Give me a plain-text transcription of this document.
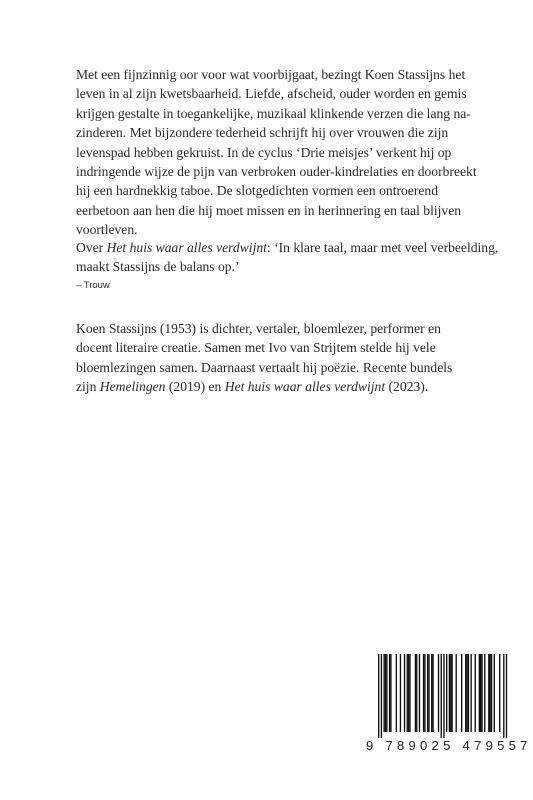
Met een fijnzinnig oor voor wat voorbijgaat, bezingt Koen Stassijns het
leven in al zijn kwetsbaarheid. Liefde, afscheid, ouder worden en gemis
krijgen gestalte in toegankelijke, muzikaal klinkende verzen die lang na-
zinderen. Met bijzondere tederheid schrijft hij over vrouwen die zijn
levenspad hebben gekruist. In de cyclus ‘Drie meisjes’ verkent hij op
indringende wijze de pijn van verbroken ouder-kindrelaties en doorbreekt
hij een hardnekkig taboe. De slotgedichten vormen een ontroerend
eerbetoon aan hen die hij moet missen en in herinnering en taal blijven
voortleven.

Over Het huis waar alles verdwijnt: ‘In klare taal, maar met veel verbeelding,
maakt Stassijns de balans op.’
– Trouw

Koen Stassijns (1953) is dichter, vertaler, bloemlezer, performer en
docent literaire creatie. Samen met Ivo van Strijtem stelde hij vele
bloemlezingen samen. Daarnaast vertaalt hij poëzie. Recente bundels
zijn Hemelingen (2019) en Het huis waar alles verdwijnt (2023).

9 789025 479557
